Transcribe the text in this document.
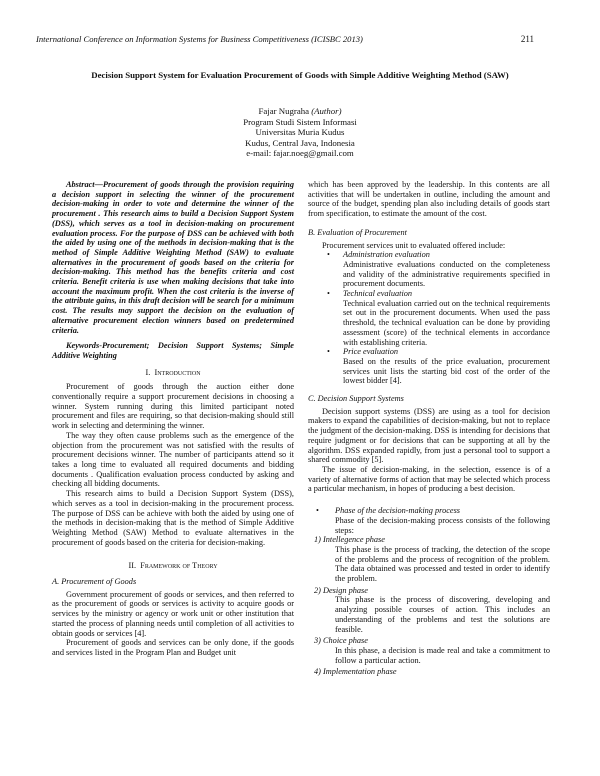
International Conference on Information Systems for Business Competitiveness (ICISBC 2013)	211
Decision Support System for Evaluation Procurement of Goods with Simple Additive Weighting Method (SAW)
Fajar Nugraha (Author)
Program Studi Sistem Informasi
Universitas Muria Kudus
Kudus, Central Java, Indonesia
e-mail: fajar.noeg@gmail.com

Abstract—Procurement of goods through the provision requiring a decision support in selecting the winner of the procurement decision-making in order to vote and determine the winner of the procurement . This research aims to build a Decision Support System (DSS), which serves as a tool in decision-making on procurement evaluation process. For the purpose of DSS can be achieved with both the aided by using one of the methods in decision-making that is the method of Simple Additive Weighting Method (SAW) to evaluate alternatives in the procurement of goods based on the criteria for decision-making. This method has the benefits criteria and cost criteria. Benefit criteria is use when making decisions that take into account the maximum profit. When the cost criteria is the inverse of the attribute gains, in this draft decision will be search for a minimum cost. The results may support the decision on the evaluation of alternative procurement election winners based on predetermined criteria.

Keywords-Procurement; Decision Support Systems; Simple Additive Weighting

I. Introduction

Procurement of goods through the auction either done conventionally require a support procurement decisions in choosing a winner. System running during this limited participant noted procurement and files are requiring, so that decision-making should still work in selecting and determining the winner.

The way they often cause problems such as the emergence of the objection from the procurement was not satisfied with the results of procurement decisions winner. The number of participants attend so it takes a long time to evaluated all required documents and bidding documents . Qualification evaluation process conducted by asking and checking all bidding documents.

This research aims to build a Decision Support System (DSS), which serves as a tool in decision-making in the procurement process. The purpose of DSS can be achieve with both the aided by using one of the methods in decision-making that is the method of Simple Additive Weighting Method (SAW) Method to evaluate alternatives in the procurement of goods based on the criteria for decision-making.

II. Framework of Theory
A. Procurement of Goods

Government procurement of goods or services, and then referred to as the procurement of goods or services is activity to acquire goods or services by the ministry or agency or work unit or other institution that started the process of planning needs until completion of all activities to obtain goods or services [4].

Procurement of goods and services can be only done, if the goods and services listed in the Program Plan and Budget unit

which has been approved by the leadership. In this contents are all activities that will be undertaken in outline, including the amount and source of the budget, spending plan also including details of goods start from specification, to estimate the amount of the cost.

B. Evaluation of Procurement

Procurement services unit to evaluated offered include:

• Administration evaluation

Administrative evaluations conducted on the completeness and validity of the administrative requirements specified in procurement documents.

• Technical evaluation

Technical evaluation carried out on the technical requirements set out in the procurement documents. When used the pass threshold, the technical evaluation can be done by providing assessment (score) of the technical elements in accordance with establishing criteria.

• Price evaluation

Based on the results of the price evaluation, procurement services unit lists the starting bid cost of the order of the lowest bidder [4].

C. Decision Support Systems

Decision support systems (DSS) are using as a tool for decision makers to expand the capabilities of decision-making, but not to replace the judgment of the decision-making. DSS is intending for decisions that require judgment or for decisions that can be supporting at all by the algorithm. DSS expanded rapidly, from just a personal tool to support a shared commodity [5].

The issue of decision-making, in the selection, essence is of a variety of alternative forms of action that may be selected which process a particular mechanism, in hopes of producing a best decision.

• Phase of the decision-making process

Phase of the decision-making process consists of the following steps:

1) Intellegence phase

This phase is the process of tracking, the detection of the scope of the problems and the process of recognition of the problem. The data obtained was processed and tested in order to identify the problem.

2) Design phase

This phase is the process of discovering, developing and analyzing possible courses of action. This includes an understanding of the problems and test the solutions are feasible.

3) Choice phase

In this phase, a decision is made real and take a commitment to follow a particular action.

4) Implementation phase
